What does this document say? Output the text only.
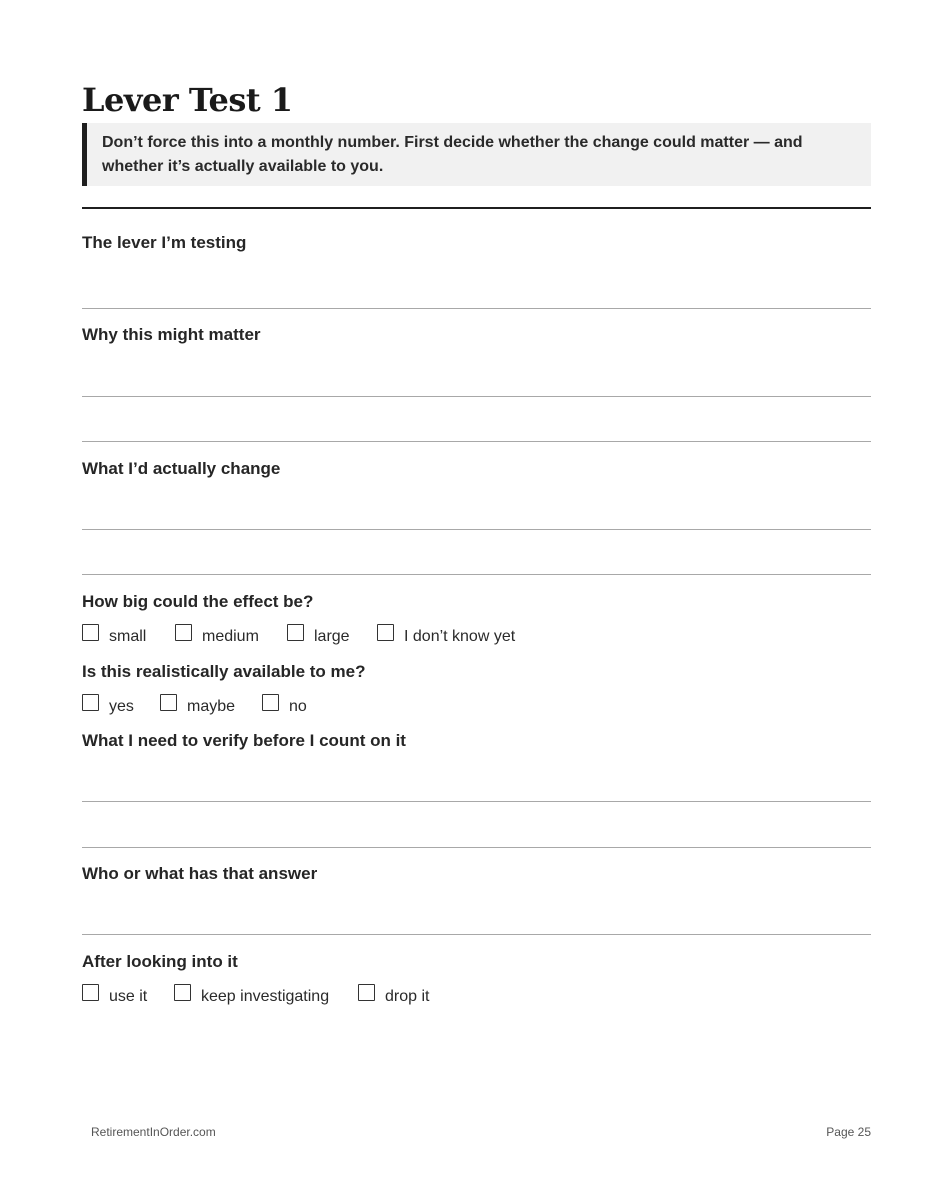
Lever Test 1
Don’t force this into a monthly number. First decide whether the change could matter — and whether it’s actually available to you.

The lever I’m testing

Why this might matter

What I’d actually change

How big could the effect be?

small	medium	large	I don’t know yet

Is this realistically available to me?

yes	maybe	no

What I need to verify before I count on it

Who or what has that answer

After looking into it

use it	keep investigating	drop it
RetirementInOrder.com	Page 25
